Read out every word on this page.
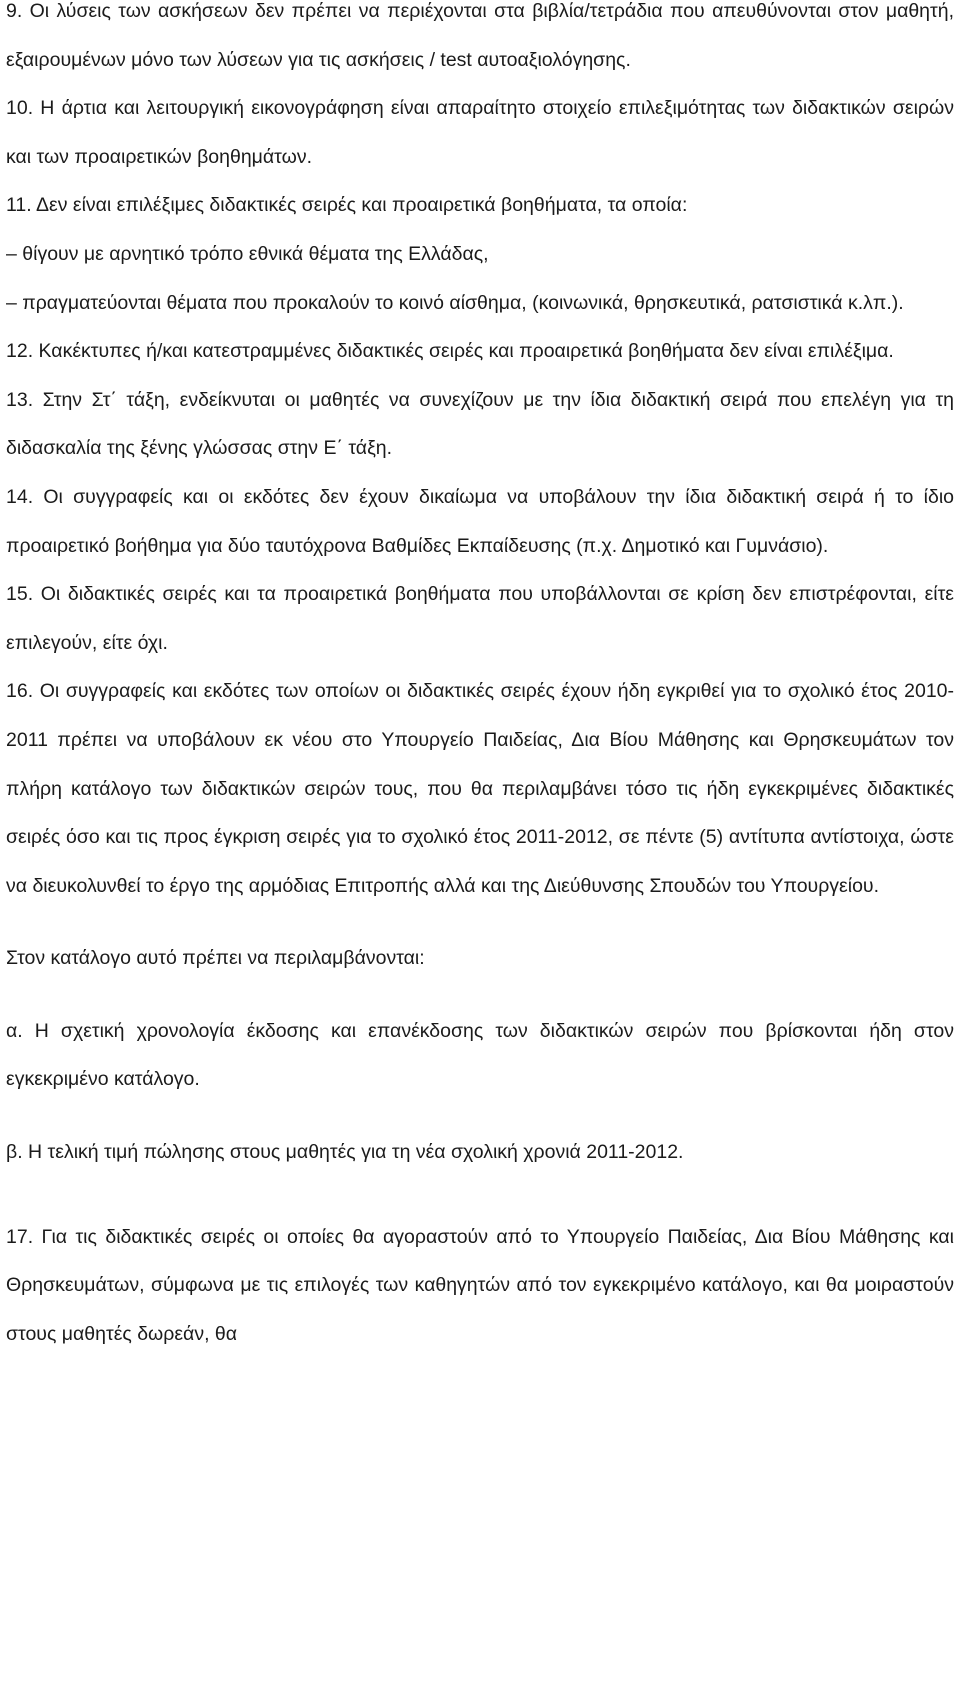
9. Οι λύσεις των ασκήσεων δεν πρέπει να περιέχονται στα βιβλία/τετράδια που απευθύνονται στον μαθητή, εξαιρουμένων μόνο των λύσεων για τις ασκήσεις / test αυτοαξιολόγησης.

10. Η άρτια και λειτουργική εικονογράφηση είναι απαραίτητο στοιχείο επιλεξιμότητας των διδακτικών σειρών και των προαιρετικών βοηθημάτων.

11. Δεν είναι επιλέξιμες διδακτικές σειρές και προαιρετικά βοηθήματα, τα οποία:

– θίγουν με αρνητικό τρόπο εθνικά θέματα της Ελλάδας,

– πραγματεύονται θέματα που προκαλούν το κοινό αίσθημα, (κοινωνικά, θρησκευτικά, ρατσιστικά κ.λπ.).

12. Κακέκτυπες ή/και κατεστραμμένες διδακτικές σειρές και προαιρετικά βοηθήματα δεν είναι επιλέξιμα.

13. Στην Στ΄ τάξη, ενδείκνυται οι μαθητές να συνεχίζουν με την ίδια διδακτική σειρά που επελέγη για τη διδασκαλία της ξένης γλώσσας στην Ε΄ τάξη.

14. Οι συγγραφείς και οι εκδότες δεν έχουν δικαίωμα να υποβάλουν την ίδια διδακτική σειρά ή το ίδιο προαιρετικό βοήθημα για δύο ταυτόχρονα Βαθμίδες Εκπαίδευσης (π.χ. Δημοτικό και Γυμνάσιο).

15. Οι διδακτικές σειρές και τα προαιρετικά βοηθήματα που υποβάλλονται σε κρίση δεν επιστρέφονται, είτε επιλεγούν, είτε όχι.

16. Οι συγγραφείς και εκδότες των οποίων οι διδακτικές σειρές έχουν ήδη εγκριθεί για το σχολικό έτος 2010-2011 πρέπει να υποβάλουν εκ νέου στο Υπουργείο Παιδείας, Δια Βίου Μάθησης και Θρησκευμάτων τον πλήρη κατάλογο των διδακτικών σειρών τους, που θα περιλαμβάνει τόσο τις ήδη εγκεκριμένες διδακτικές σειρές όσο και τις προς έγκριση σειρές για το σχολικό έτος 2011-2012, σε πέντε (5) αντίτυπα αντίστοιχα, ώστε να διευκολυνθεί το έργο της αρμόδιας Επιτροπής αλλά και της Διεύθυνσης Σπουδών του Υπουργείου.

Στον κατάλογο αυτό πρέπει να περιλαμβάνονται:

α. Η σχετική χρονολογία έκδοσης και επανέκδοσης των διδακτικών σειρών που βρίσκονται ήδη στον εγκεκριμένο κατάλογο.

β. Η τελική τιμή πώλησης στους μαθητές για τη νέα σχολική χρονιά 2011-2012.

17. Για τις διδακτικές σειρές οι οποίες θα αγοραστούν από το Υπουργείο Παιδείας, Δια Βίου Μάθησης και Θρησκευμάτων, σύμφωνα με τις επιλογές των καθηγητών από τον εγκεκριμένο κατάλογο, και θα μοιραστούν στους μαθητές δωρεάν, θα
